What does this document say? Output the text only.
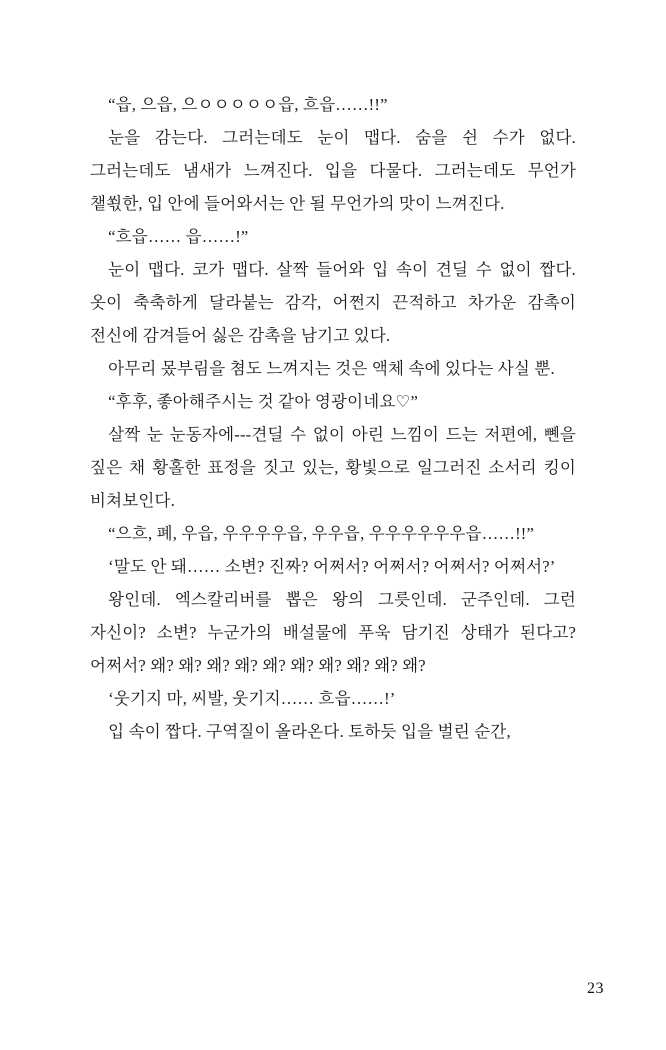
“읍, 으읍, 으ㅇㅇㅇㅇㅇ읍, 흐읍……!!”

눈을 감는다. 그러는데도 눈이 맵다. 숨을 쉰 수가 없다. 그러는데도 냄새가 느껴진다. 입을 다물다. 그러는데도 무언가 챝쐯한, 입 안에 들어와서는 안 될 무언가의 맛이 느껴진다.

“흐읍…… 읍……!”

눈이 맵다. 코가 맵다. 살짝 들어와 입 속이 견딜 수 없이 짭다. 옷이 축축하게 달라붙는 감각, 어쩐지 끈적하고 차가운 감촉이 전신에 감겨들어 싫은 감촉을 남기고 있다.

아무리 몼부림을 쳠도 느껴지는 것은 액체 속에 있다는 사실 뿐.

“후후, 좋아해주시는 것 같아 영광이네요♡”

살짝 눈 눈동자에---견딜 수 없이 아린 느낌이 드는 저편에, 뼨을 짚은 채 황홀한 표정을 짓고 있는, 황빛으로 일그러진 소서리 킹이 비쳐보인다.

“으흐, 폐, 우읍, 우우우우읍, 우우읍, 우우우우우우읍……!!”

‘말도 안 돼…… 소변? 진짜? 어쩌서? 어쩌서? 어쩌서? 어쩌서?’

왕인데. 엑스칼리버를 뽑은 왕의 그릇인데. 군주인데. 그런 자신이? 소변? 누군가의 배설물에 푸욱 담기진 상태가 된다고? 어쩌서? 왜? 왜? 왜? 왜? 왜? 왜? 왜? 왜? 왜? 왜?

‘웃기지 마, 씨발, 웃기지…… 흐읍……!’

입 속이 짭다. 구역질이 올라온다. 토하듯 입을 벌린 순간,

23
